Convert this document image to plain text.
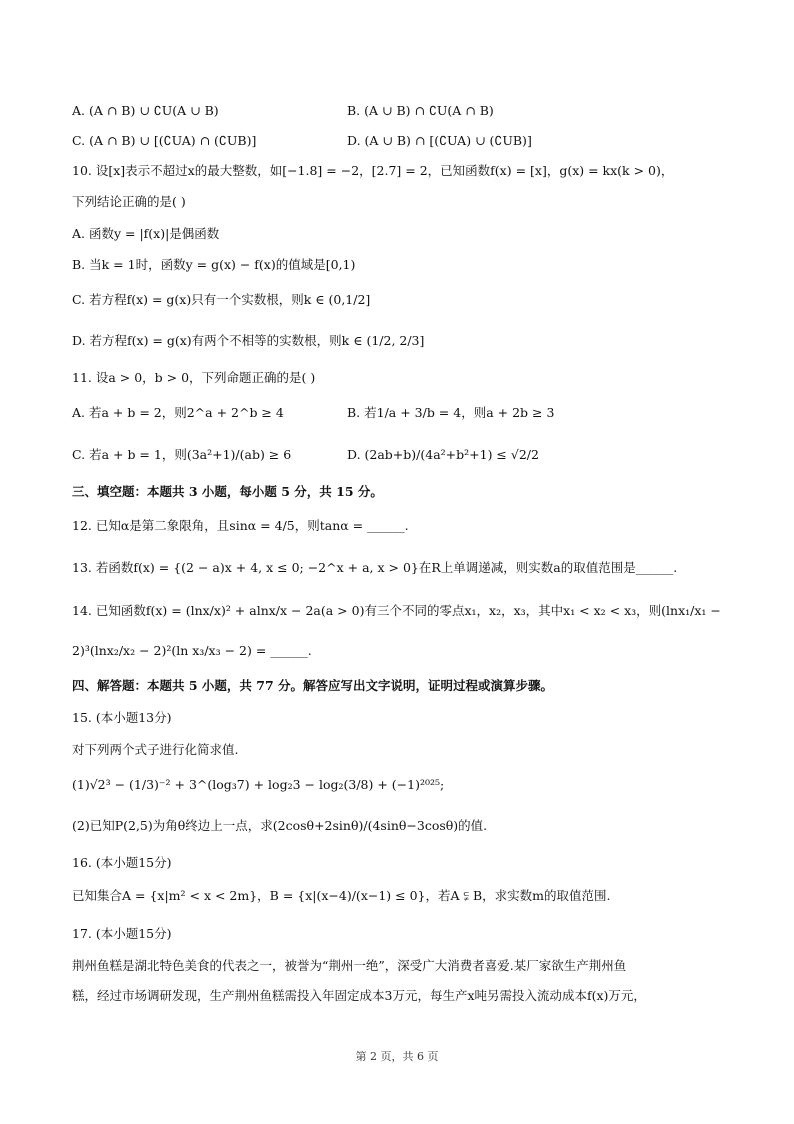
A. (A ∩ B) ∪ ∁U(A ∪ B)	B. (A ∪ B) ∩ ∁U(A ∩ B)
C. (A ∩ B) ∪ [(∁UA) ∩ (∁UB)]	D. (A ∪ B) ∩ [(∁UA) ∪ (∁UB)]
10. 设[x]表示不超过x的最大整数，如[−1.8] = −2，[2.7] = 2，已知函数f(x) = [x]，g(x) = kx(k > 0)，
下列结论正确的是( )
A. 函数y = |f(x)|是偶函数
B. 当k = 1时，函数y = g(x) − f(x)的值域是[0,1)
C. 若方程f(x) = g(x)只有一个实数根，则k ∈ (0,1/2]
D. 若方程f(x) = g(x)有两个不相等的实数根，则k ∈ (1/2, 2/3]
11. 设a > 0，b > 0，下列命题正确的是( )
A. 若a + b = 2，则2^a + 2^b ≥ 4	B. 若1/a + 3/b = 4，则a + 2b ≥ 3
C. 若a + b = 1，则(3a²+1)/(ab) ≥ 6	D. (2ab+b)/(4a²+b²+1) ≤ √2/2
三、填空题：本题共 3 小题，每小题 5 分，共 15 分。
12. 已知α是第二象限角，且sinα = 4/5，则tanα = ______.
13. 若函数f(x) = {(2 − a)x + 4, x ≤ 0; −2^x + a, x > 0}在R上单调递减，则实数a的取值范围是______.
14. 已知函数f(x) = (lnx/x)² + alnx/x − 2a(a > 0)有三个不同的零点x₁，x₂，x₃，其中x₁ < x₂ < x₃，则(lnx₁/x₁ −
2)³(lnx₂/x₂ − 2)²(ln x₃/x₃ − 2) = ______.
四、解答题：本题共 5 小题，共 77 分。解答应写出文字说明，证明过程或演算步骤。
15. (本小题13分)
对下列两个式子进行化简求值.
(1)√2³ − (1/3)⁻² + 3^(log₃7) + log₂3 − log₂(3/8) + (−1)²⁰²⁵;
(2)已知P(2,5)为角θ终边上一点，求(2cosθ+2sinθ)/(4sinθ−3cosθ)的值.
16. (本小题15分)
已知集合A = {x|m² < x < 2m}，B = {x|(x−4)/(x−1) ≤ 0}，若A ⫋ B，求实数m的取值范围.
17. (本小题15分)
荆州鱼糕是湖北特色美食的代表之一，被誉为“荆州一绝”，深受广大消费者喜爱.某厂家欲生产荆州鱼
糕，经过市场调研发现，生产荆州鱼糕需投入年固定成本3万元，每生产x吨另需投入流动成本f(x)万元，
第 2 页，共 6 页
